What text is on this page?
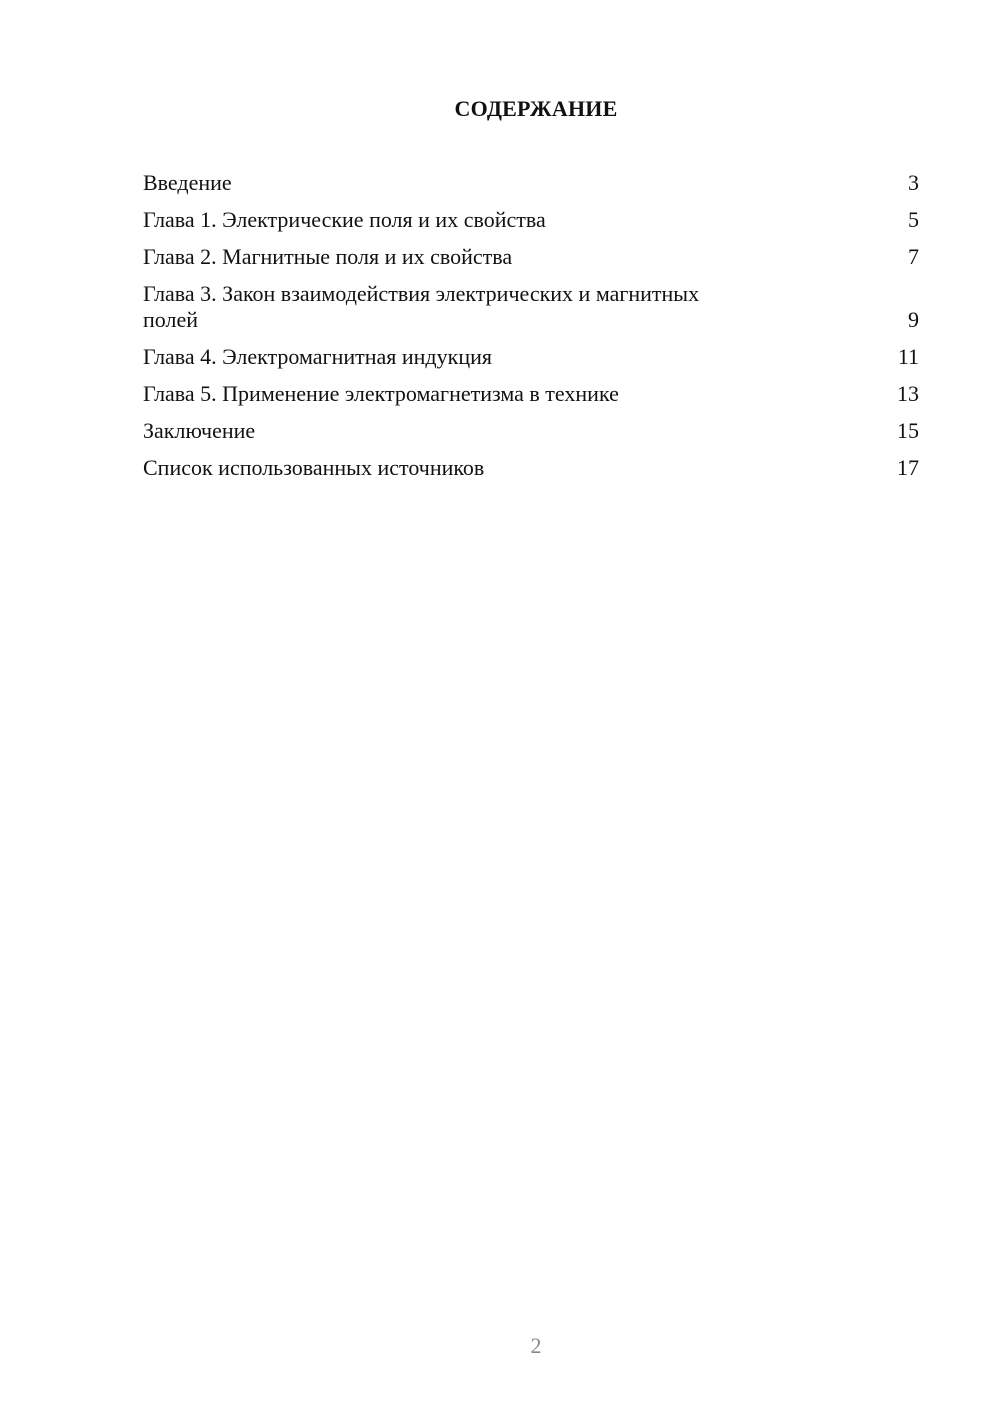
СОДЕРЖАНИЕ
Введение	3
Глава 1. Электрические поля и их свойства	5
Глава 2. Магнитные поля и их свойства	7
Глава 3. Закон взаимодействия электрических и магнитных полей	9
Глава 4. Электромагнитная индукция	11
Глава 5. Применение электромагнетизма в технике	13
Заключение	15
Список использованных источников	17
2
